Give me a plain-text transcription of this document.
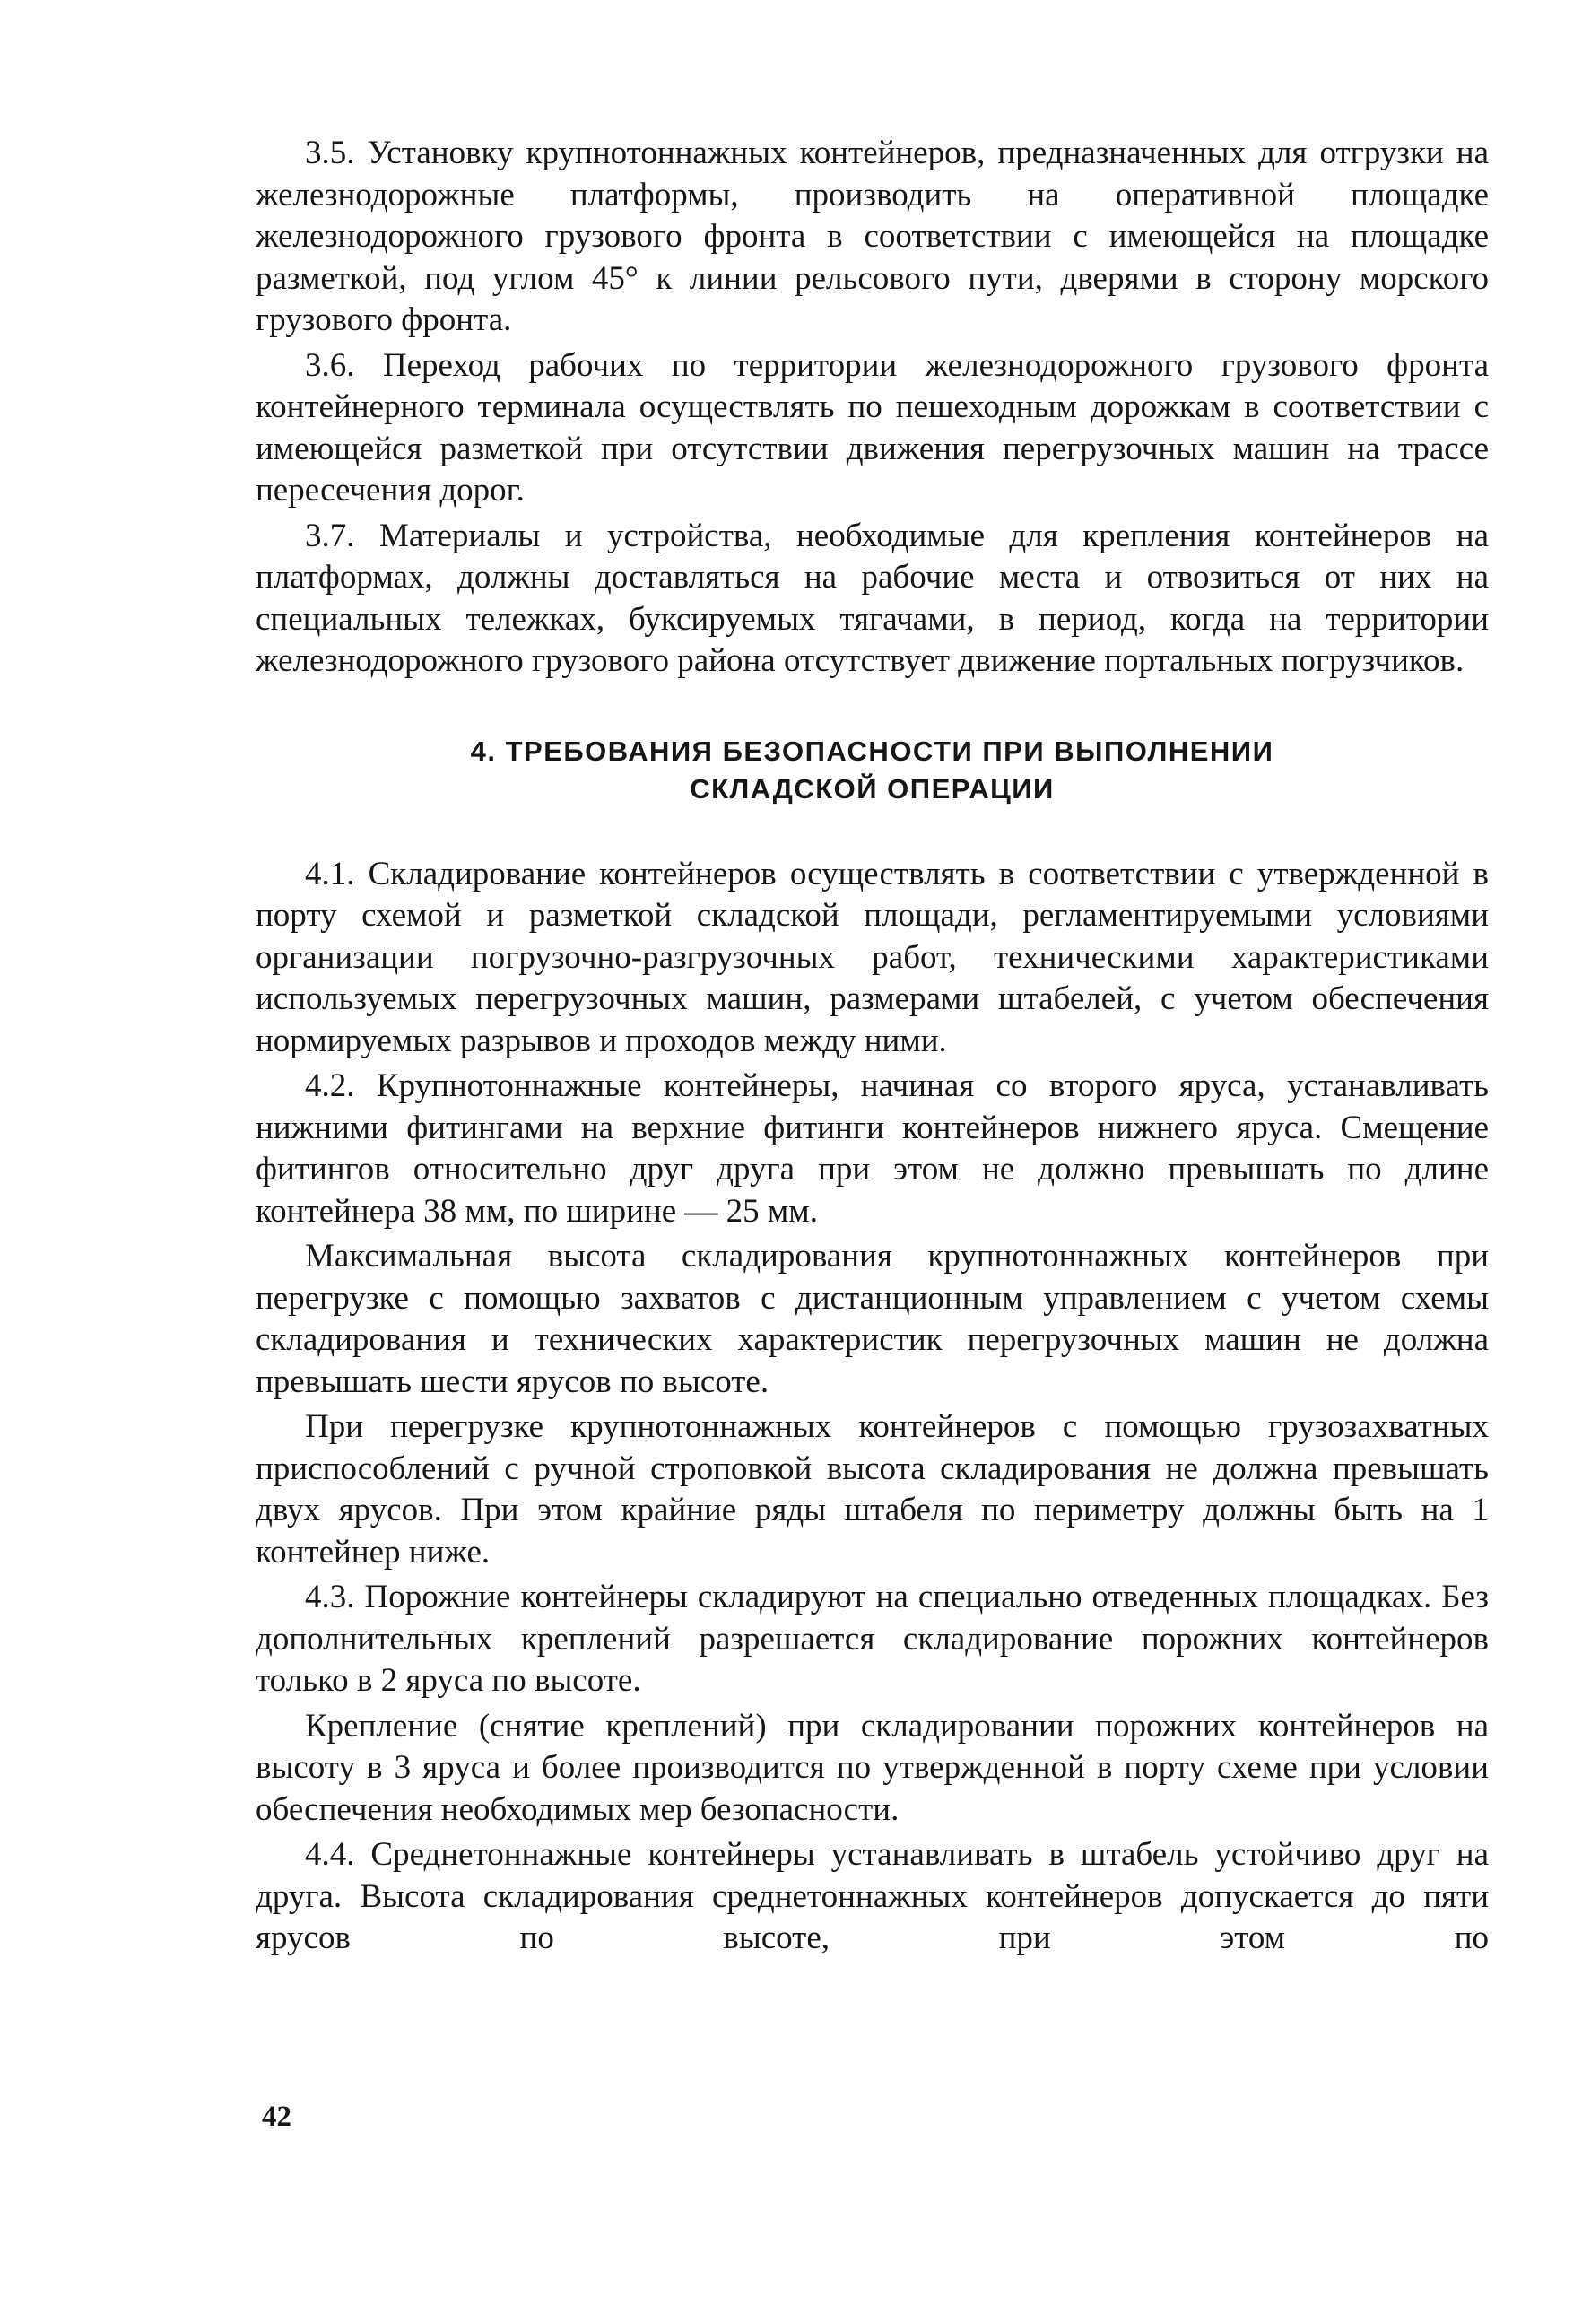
3.5. Установку крупнотоннажных контейнеров, предназначенных для отгрузки на железнодорожные платформы, производить на оперативной площадке железнодорожного грузового фронта в соответствии с имеющейся на площадке разметкой, под углом 45° к линии рельсового пути, дверями в сторону морского грузового фронта.

3.6. Переход рабочих по территории железнодорожного грузового фронта контейнерного терминала осуществлять по пешеходным дорожкам в соответствии с имеющейся разметкой при отсутствии движения перегрузочных машин на трассе пересечения дорог.

3.7. Материалы и устройства, необходимые для крепления контейнеров на платформах, должны доставляться на рабочие места и отвозиться от них на специальных тележках, буксируемых тягачами, в период, когда на территории железнодорожного грузового района отсутствует движение портальных погрузчиков.

4. ТРЕБОВАНИЯ БЕЗОПАСНОСТИ ПРИ ВЫПОЛНЕНИИ
СКЛАДСКОЙ ОПЕРАЦИИ

4.1. Складирование контейнеров осуществлять в соответствии с утвержденной в порту схемой и разметкой складской площади, регламентируемыми условиями организации погрузочно-разгрузочных работ, техническими характеристиками используемых перегрузочных машин, размерами штабелей, с учетом обеспечения нормируемых разрывов и проходов между ними.

4.2. Крупнотоннажные контейнеры, начиная со второго яруса, устанавливать нижними фитингами на верхние фитинги контейнеров нижнего яруса. Смещение фитингов относительно друг друга при этом не должно превышать по длине контейнера 38 мм, по ширине — 25 мм.

Максимальная высота складирования крупнотоннажных контейнеров при перегрузке с помощью захватов с дистанционным управлением с учетом схемы складирования и технических характеристик перегрузочных машин не должна превышать шести ярусов по высоте.

При перегрузке крупнотоннажных контейнеров с помощью грузозахватных приспособлений с ручной строповкой высота складирования не должна превышать двух ярусов. При этом крайние ряды штабеля по периметру должны быть на 1 контейнер ниже.

4.3. Порожние контейнеры складируют на специально отведенных площадках. Без дополнительных креплений разрешается складирование порожних контейнеров только в 2 яруса по высоте.

Крепление (снятие креплений) при складировании порожних контейнеров на высоту в 3 яруса и более производится по утвержденной в порту схеме при условии обеспечения необходимых мер безопасности.

4.4. Среднетоннажные контейнеры устанавливать в штабель устойчиво друг на друга. Высота складирования среднетоннажных контейнеров допускается до пяти ярусов по высоте, при этом по

42
